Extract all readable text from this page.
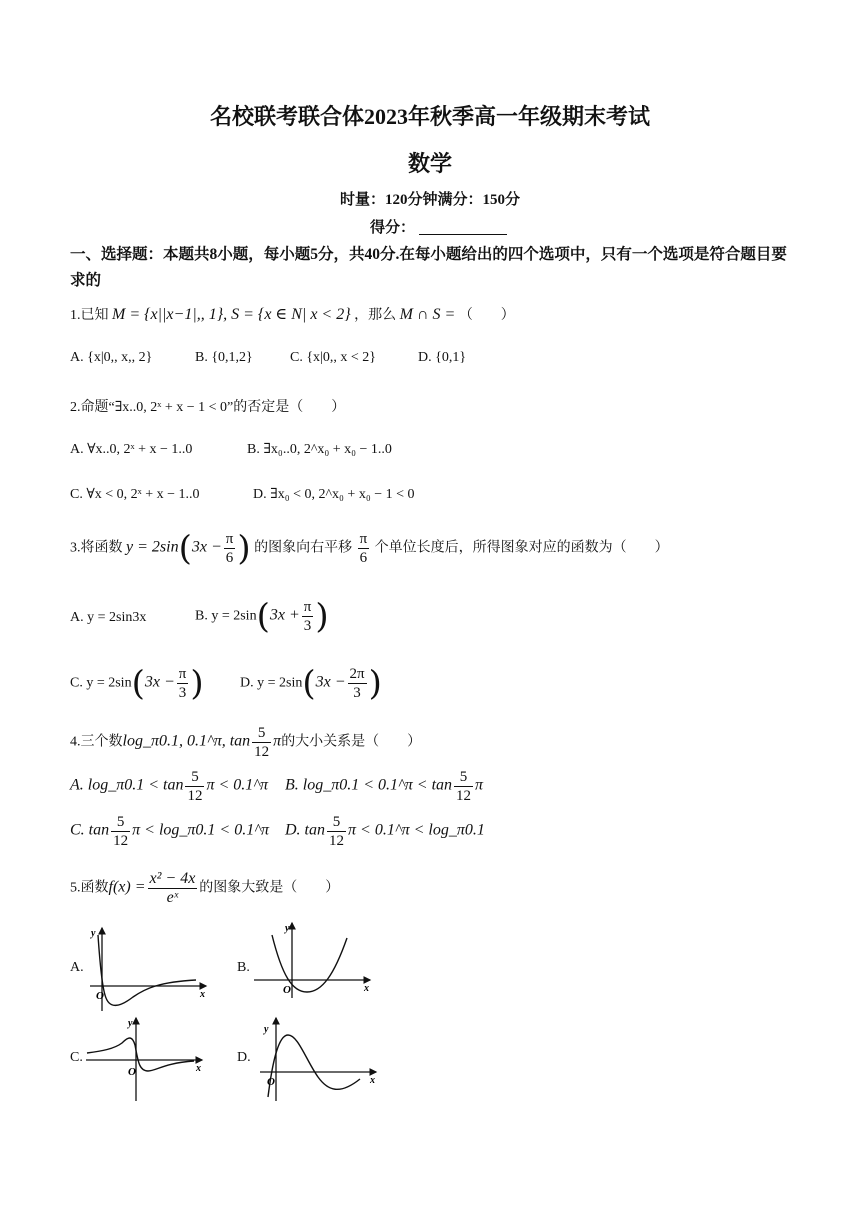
名校联考联合体2023年秋季高一年级期末考试
数学
时量：120分钟满分：150分
得分：
一、选择题：本题共8小题，每小题5分，共40分.在每小题给出的四个选项中，只有一个选项是符合题目要求的
1.已知 M = {x||x−1|,, 1}, S = {x ∈ N| x < 2} ，那么 M ∩ S = （　　）
A. {x|0,, x,, 2}	B. {0,1,2}	C. {x|0,, x < 2}	D. {0,1}
2.命题“∃x..0, 2ˣ + x − 1 < 0”的否定是（　　）
A. ∀x..0, 2ˣ + x − 1..0	B. ∃x₀..0, 2^x₀ + x₀ − 1..0
C. ∀x < 0, 2ˣ + x − 1..0	D. ∃x₀ < 0, 2^x₀ + x₀ − 1 < 0
3.将函数 $y = 2\sin(3x - \frac{\pi}{6}$ ) 的图象向右平移 $\frac{\pi}{6}$ 个单位长度后，所得图象对应的函数为（　　）
A. y = 2sin3x	B. $y = 2\sin(3x + \frac{\pi}{3}$ )
C. $y = 2\sin(3x - \frac{\pi}{3}$ )	D. $y = 2\sin(3x - \frac{2\pi}{3}$ )
4.三个数log_π0.1, 0.1^π, $\tan \frac{5}{12}$ π的大小关系是（　　）
A. log_π0.1 < $\tan \frac{5}{12}$ π < 0.1^π B. log_π0.1 < 0.1^π < $\tan \frac{5}{12}$ π
C. $\tan \frac{5}{12}$ π < log_π0.1 < 0.1^π D. $\tan \frac{5}{12}$ π < 0.1^π < log_π0.1
5.函数$f(x) = \frac{\text{x² − 4x}}{\text{eˣ}}$ 的图象大致是（　　）
A.	B.
C.	D.
O	x
y
O	x
y
O	x
y
O	x
y
